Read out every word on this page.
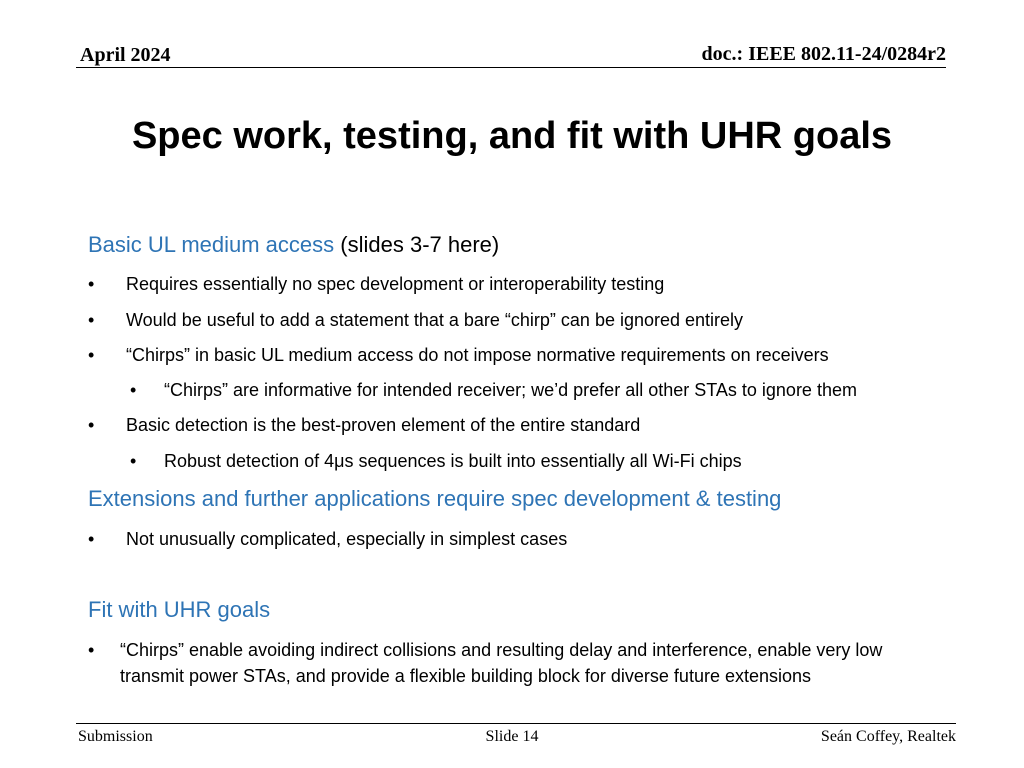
April 2024	doc.: IEEE 802.11-24/0284r2
Spec work, testing, and fit with UHR goals
Basic UL medium access (slides 3-7 here)
• Requires essentially no spec development or interoperability testing
• Would be useful to add a statement that a bare “chirp” can be ignored entirely
• “Chirps” in basic UL medium access do not impose normative requirements on receivers
• “Chirps” are informative for intended receiver; we’d prefer all other STAs to ignore them
• Basic detection is the best-proven element of the entire standard
• Robust detection of 4μs sequences is built into essentially all Wi-Fi chips
Extensions and further applications require spec development & testing
• Not unusually complicated, especially in simplest cases
Fit with UHR goals
• “Chirps” enable avoiding indirect collisions and resulting delay and interference, enable very low
transmit power STAs, and provide a flexible building block for diverse future extensions
Submission	Slide 14	Seán Coffey, Realtek
